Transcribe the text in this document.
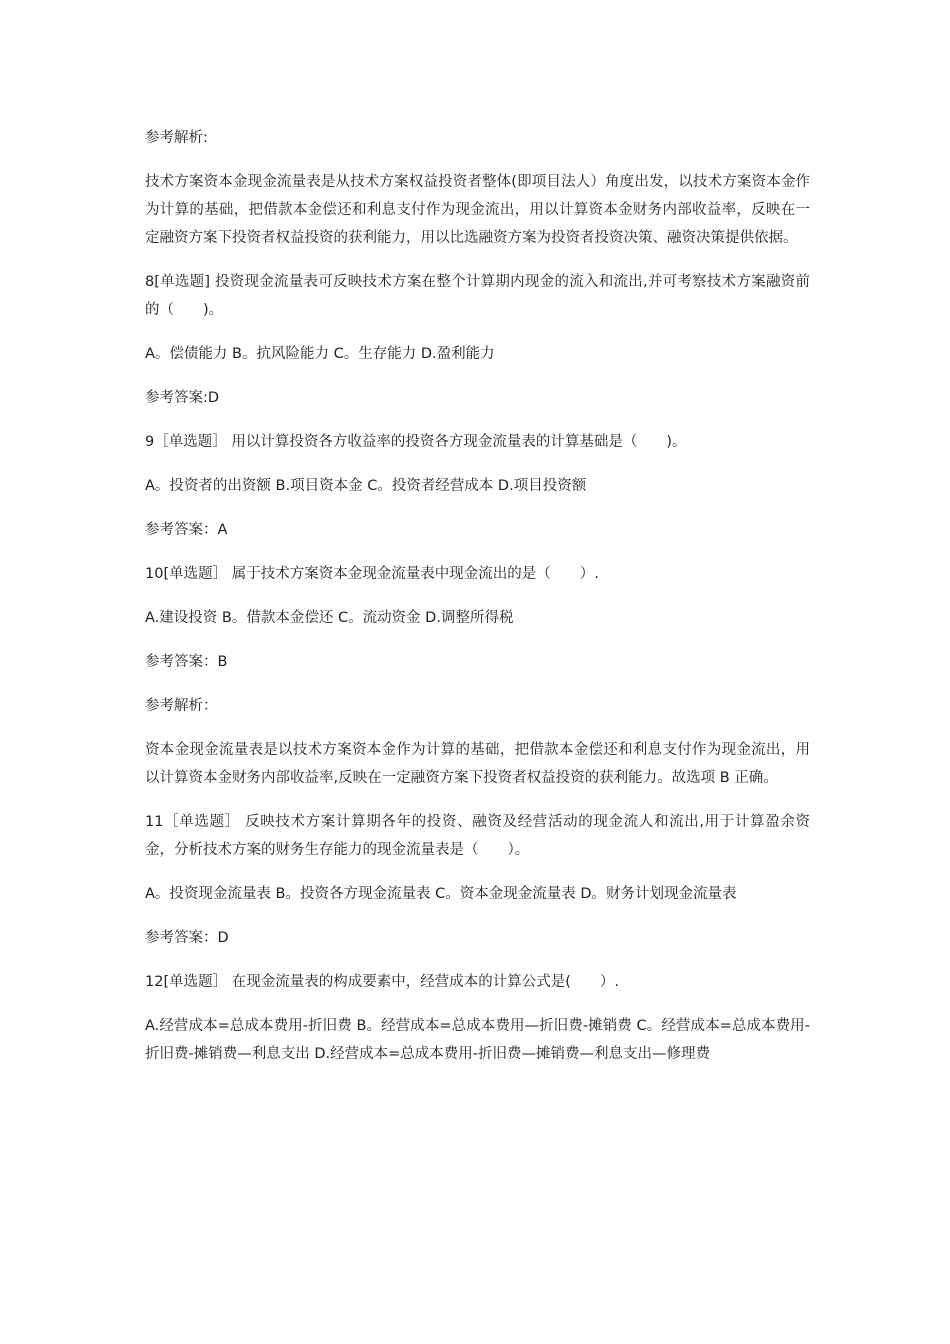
参考解析:

技术方案资本金现金流量表是从技术方案权益投资者整体(即项目法人）角度出发，以技术方案资本金作为计算的基础，把借款本金偿还和利息支付作为现金流出，用以计算资本金财务内部收益率，反映在一定融资方案下投资者权益投资的获利能力，用以比选融资方案为投资者投资决策、融资决策提供依据。

8[单选题] 投资现金流量表可反映技术方案在整个计算期内现金的流入和流出,并可考察技术方案融资前的（　　)。

A。偿债能力 B。抗风险能力 C。生存能力 D.盈利能力

参考答案:D

9［单选题］ 用以计算投资各方收益率的投资各方现金流量表的计算基础是（　　)。

A。投资者的出资额 B.项目资本金 C。投资者经营成本 D.项目投资额

参考答案：A

10[单选题］ 属于技术方案资本金现金流量表中现金流出的是（　　）.

A.建设投资 B。借款本金偿还 C。流动资金 D.调整所得税

参考答案：B

参考解析：

资本金现金流量表是以技术方案资本金作为计算的基础，把借款本金偿还和利息支付作为现金流出，用以计算资本金财务内部收益率,反映在一定融资方案下投资者权益投资的获利能力。故选项 B 正确。

11［单选题］ 反映技术方案计算期各年的投资、融资及经营活动的现金流人和流出,用于计算盈余资金，分析技术方案的财务生存能力的现金流量表是（　　）。

A。投资现金流量表 B。投资各方现金流量表 C。资本金现金流量表 D。财务计划现金流量表

参考答案：D

12[单选题］ 在现金流量表的构成要素中，经营成本的计算公式是(　　）.

A.经营成本=总成本费用-折旧费 B。经营成本=总成本费用—折旧费-摊销费 C。经营成本=总成本费用-折旧费-摊销费—利息支出 D.经营成本=总成本费用-折旧费—摊销费—利息支出—修理费
